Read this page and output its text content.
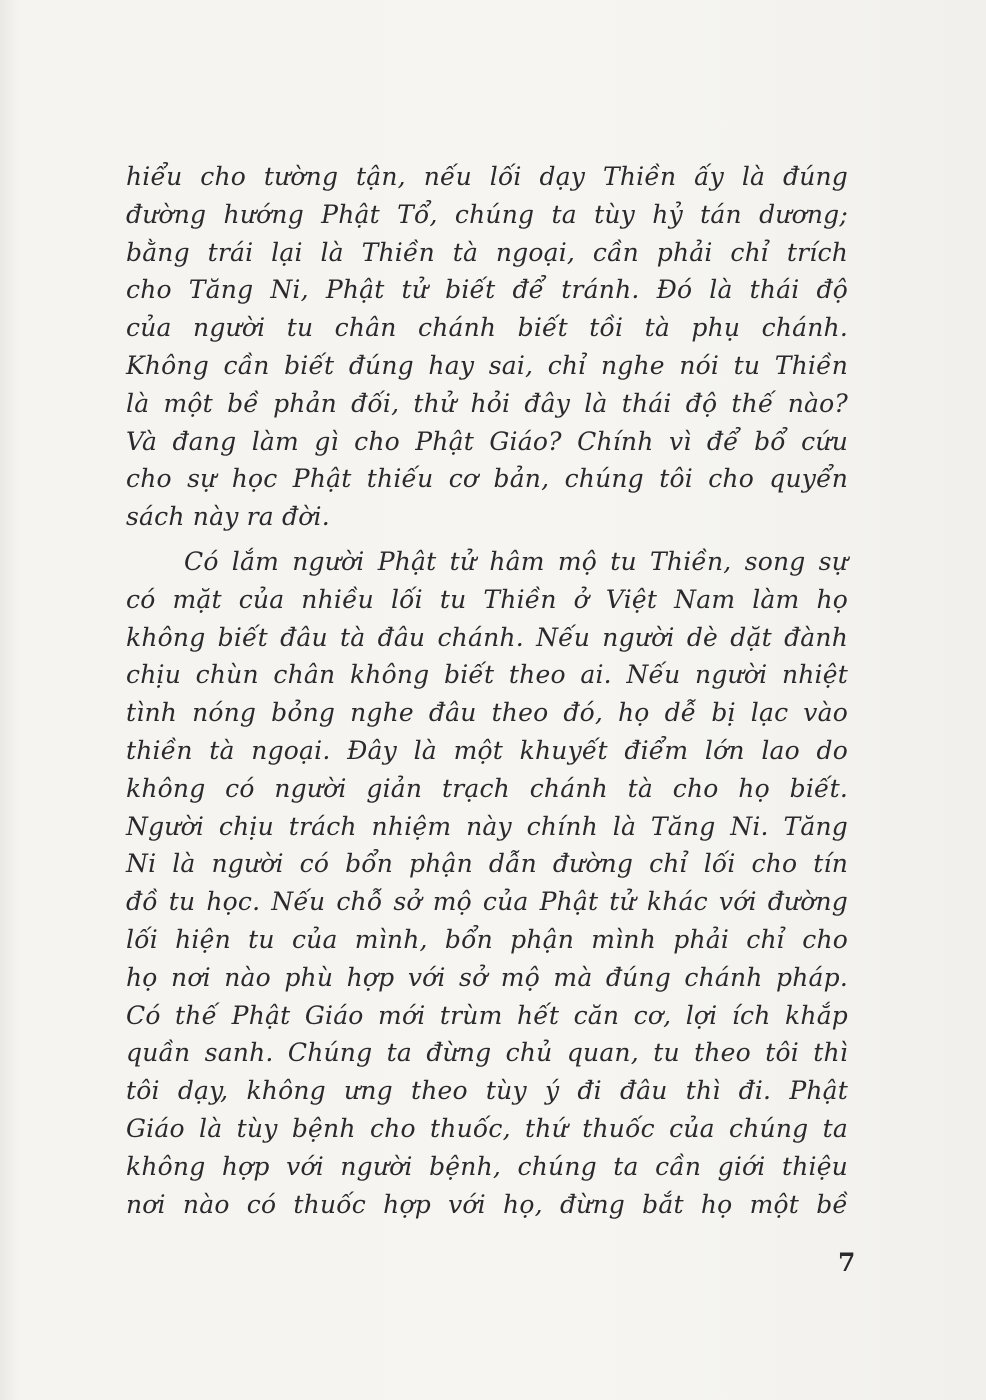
hiểu cho tường tận, nếu lối dạy Thiền ấy là đúng
đường hướng Phật Tổ, chúng ta tùy hỷ tán dương;
bằng trái lại là Thiền tà ngoại, cần phải chỉ trích
cho Tăng Ni, Phật tử biết để tránh. Đó là thái độ
của người tu chân chánh biết tồi tà phụ chánh.
Không cần biết đúng hay sai, chỉ nghe nói tu Thiền
là một bề phản đối, thử hỏi đây là thái độ thế nào?
Và đang làm gì cho Phật Giáo? Chính vì để bổ cứu
cho sự học Phật thiếu cơ bản, chúng tôi cho quyển
sách này ra đời.
Có lắm người Phật tử hâm mộ tu Thiền, song sự
có mặt của nhiều lối tu Thiền ở Việt Nam làm họ
không biết đâu tà đâu chánh. Nếu người dè dặt đành
chịu chùn chân không biết theo ai. Nếu người nhiệt
tình nóng bỏng nghe đâu theo đó, họ dễ bị lạc vào
thiền tà ngoại. Đây là một khuyết điểm lớn lao do
không có người giản trạch chánh tà cho họ biết.
Người chịu trách nhiệm này chính là Tăng Ni. Tăng
Ni là người có bổn phận dẫn đường chỉ lối cho tín
đồ tu học. Nếu chỗ sở mộ của Phật tử khác với đường
lối hiện tu của mình, bổn phận mình phải chỉ cho
họ nơi nào phù hợp với sở mộ mà đúng chánh pháp.
Có thế Phật Giáo mới trùm hết căn cơ, lợi ích khắp
quần sanh. Chúng ta đừng chủ quan, tu theo tôi thì
tôi dạy, không ưng theo tùy ý đi đâu thì đi. Phật
Giáo là tùy bệnh cho thuốc, thứ thuốc của chúng ta
không hợp với người bệnh, chúng ta cần giới thiệu
nơi nào có thuốc hợp với họ, đừng bắt họ một bề
7
